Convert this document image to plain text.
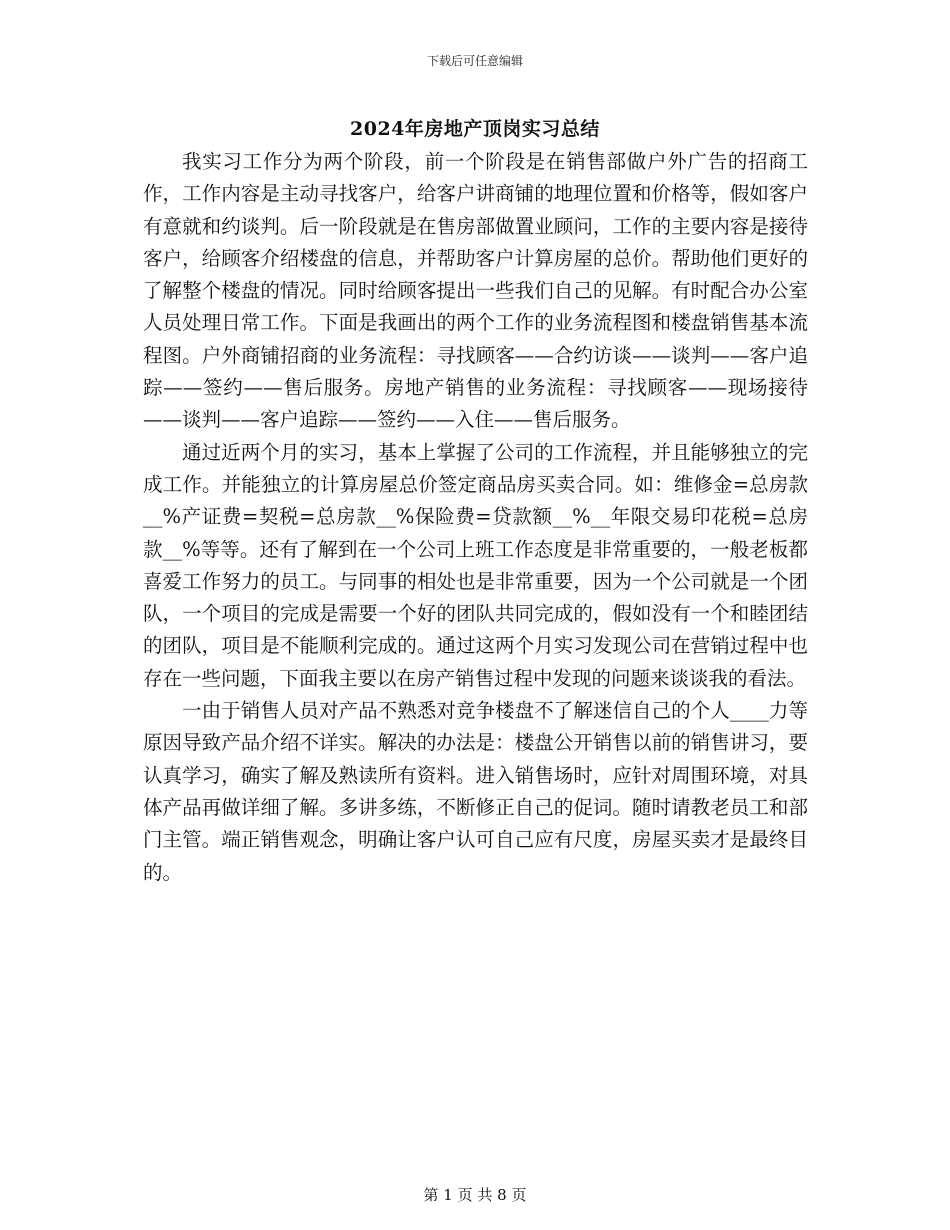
下载后可任意编辑
2024年房地产顶岗实习总结

我实习工作分为两个阶段，前一个阶段是在销售部做户外广告的招商工作，工作内容是主动寻找客户，给客户讲商铺的地理位置和价格等，假如客户有意就和约谈判。后一阶段就是在售房部做置业顾问，工作的主要内容是接待客户，给顾客介绍楼盘的信息，并帮助客户计算房屋的总价。帮助他们更好的了解整个楼盘的情况。同时给顾客提出一些我们自己的见解。有时配合办公室人员处理日常工作。下面是我画出的两个工作的业务流程图和楼盘销售基本流程图。户外商铺招商的业务流程：寻找顾客——合约访谈——谈判——客户追踪——签约——售后服务。房地产销售的业务流程：寻找顾客——现场接待——谈判——客户追踪——签约——入住——售后服务。

通过近两个月的实习，基本上掌握了公司的工作流程，并且能够独立的完成工作。并能独立的计算房屋总价签定商品房买卖合同。如：维修金=总房款__%产证费=契税=总房款__%保险费=贷款额__%__年限交易印花税=总房款__%等等。还有了解到在一个公司上班工作态度是非常重要的，一般老板都喜爱工作努力的员工。与同事的相处也是非常重要，因为一个公司就是一个团队，一个项目的完成是需要一个好的团队共同完成的，假如没有一个和睦团结的团队，项目是不能顺利完成的。通过这两个月实习发现公司在营销过程中也存在一些问题，下面我主要以在房产销售过程中发现的问题来谈谈我的看法。

一由于销售人员对产品不熟悉对竞争楼盘不了解迷信自己的个人____力等原因导致产品介绍不详实。解决的办法是：楼盘公开销售以前的销售讲习，要认真学习，确实了解及熟读所有资料。进入销售场时，应针对周围环境，对具体产品再做详细了解。多讲多练，不断修正自己的促词。随时请教老员工和部门主管。端正销售观念，明确让客户认可自己应有尺度，房屋买卖才是最终目的。

第 1 页 共 8 页
